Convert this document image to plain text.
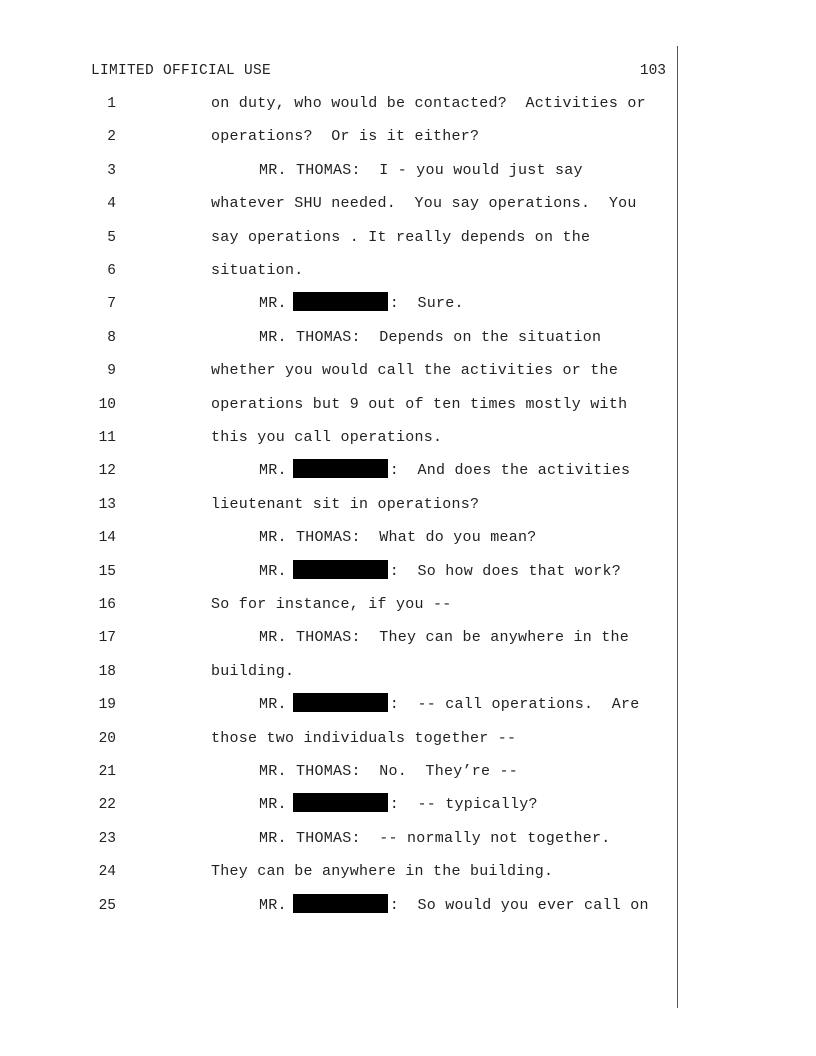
LIMITED OFFICIAL USE	103
1	on duty, who would be contacted?  Activities or
2	operations?  Or is it either?
3	MR. THOMAS:  I - you would just say
4	whatever SHU needed.  You say operations.  You
5	say operations . It really depends on the
6	situation.
7	MR.	:  Sure.
8	MR. THOMAS:  Depends on the situation
9	whether you would call the activities or the
10	operations but 9 out of ten times mostly with
11	this you call operations.
12	MR.	:  And does the activities
13	lieutenant sit in operations?
14	MR. THOMAS:  What do you mean?
15	MR.	:  So how does that work?
16	So for instance, if you --
17	MR. THOMAS:  They can be anywhere in the
18	building.
19	MR.	:  -- call operations.  Are
20	those two individuals together --
21	MR. THOMAS:  No.  They’re --
22	MR.	:  -- typically?
23	MR. THOMAS:  -- normally not together.
24	They can be anywhere in the building.
25	MR.	:  So would you ever call on
